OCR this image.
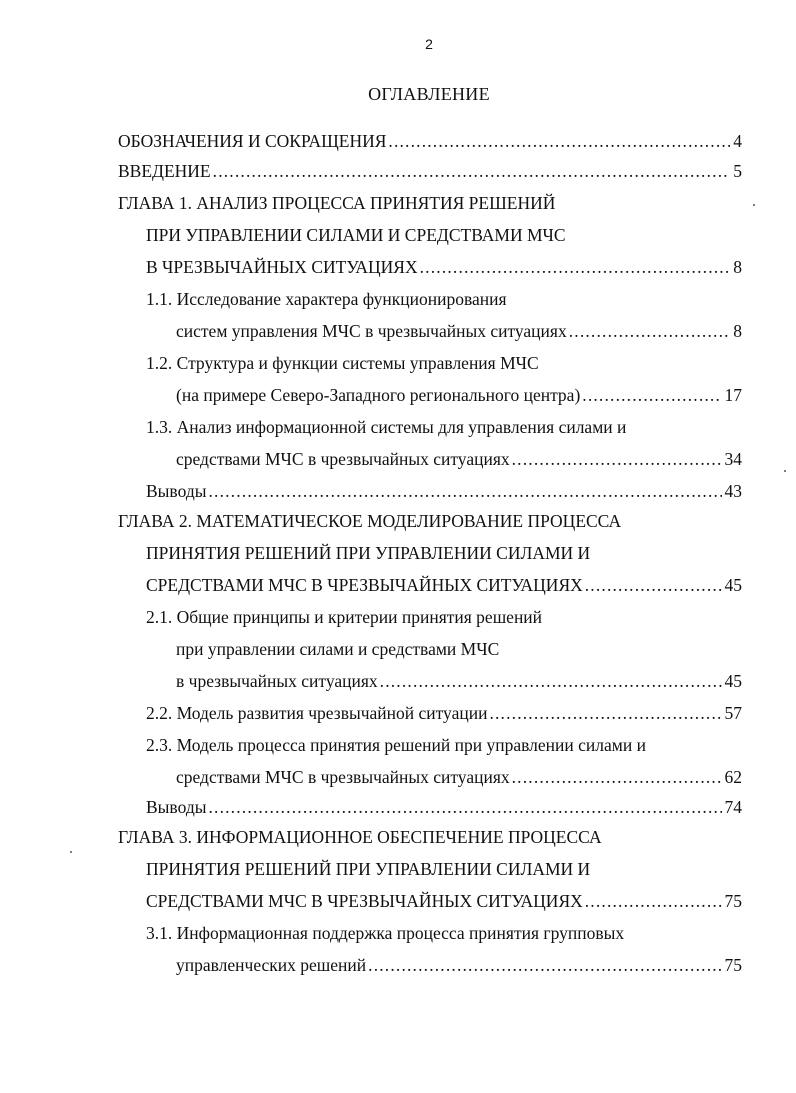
2
ОГЛАВЛЕНИЕ
ОБОЗНАЧЕНИЯ И СОКРАЩЕНИЯ . . .	4
ВВЕДЕНИЕ . . .	5
ГЛАВА 1. АНАЛИЗ ПРОЦЕССА ПРИНЯТИЯ РЕШЕНИЙ
ПРИ УПРАВЛЕНИИ СИЛАМИ И СРЕДСТВАМИ МЧС
В ЧРЕЗВЫЧАЙНЫХ СИТУАЦИЯХ . . .	8
1.1. Исследование характера функционирования
систем управления МЧС в чрезвычайных ситуациях . . .	8
1.2. Структура и функции системы управления МЧС
(на примере Северо-Западного регионального центра) . . .	17
1.3. Анализ информационной системы для управления силами и
средствами МЧС в чрезвычайных ситуациях . . .	34
Выводы . . .	43
ГЛАВА 2. МАТЕМАТИЧЕСКОЕ МОДЕЛИРОВАНИЕ ПРОЦЕССА
ПРИНЯТИЯ РЕШЕНИЙ ПРИ УПРАВЛЕНИИ СИЛАМИ И
СРЕДСТВАМИ МЧС В ЧРЕЗВЫЧАЙНЫХ СИТУАЦИЯХ . . .	45
2.1. Общие принципы и критерии принятия решений
при управлении силами и средствами МЧС
в чрезвычайных ситуациях . . .	45
2.2. Модель развития чрезвычайной ситуации . . .	57
2.3. Модель процесса принятия решений при управлении силами и
средствами МЧС в чрезвычайных ситуациях . . .	62
Выводы . . .	74
ГЛАВА 3. ИНФОРМАЦИОННОЕ ОБЕСПЕЧЕНИЕ ПРОЦЕССА
ПРИНЯТИЯ РЕШЕНИЙ ПРИ УПРАВЛЕНИИ СИЛАМИ И
СРЕДСТВАМИ МЧС В ЧРЕЗВЫЧАЙНЫХ СИТУАЦИЯХ . . .	75
3.1. Информационная поддержка процесса принятия групповых
управленческих решений . . .	75
